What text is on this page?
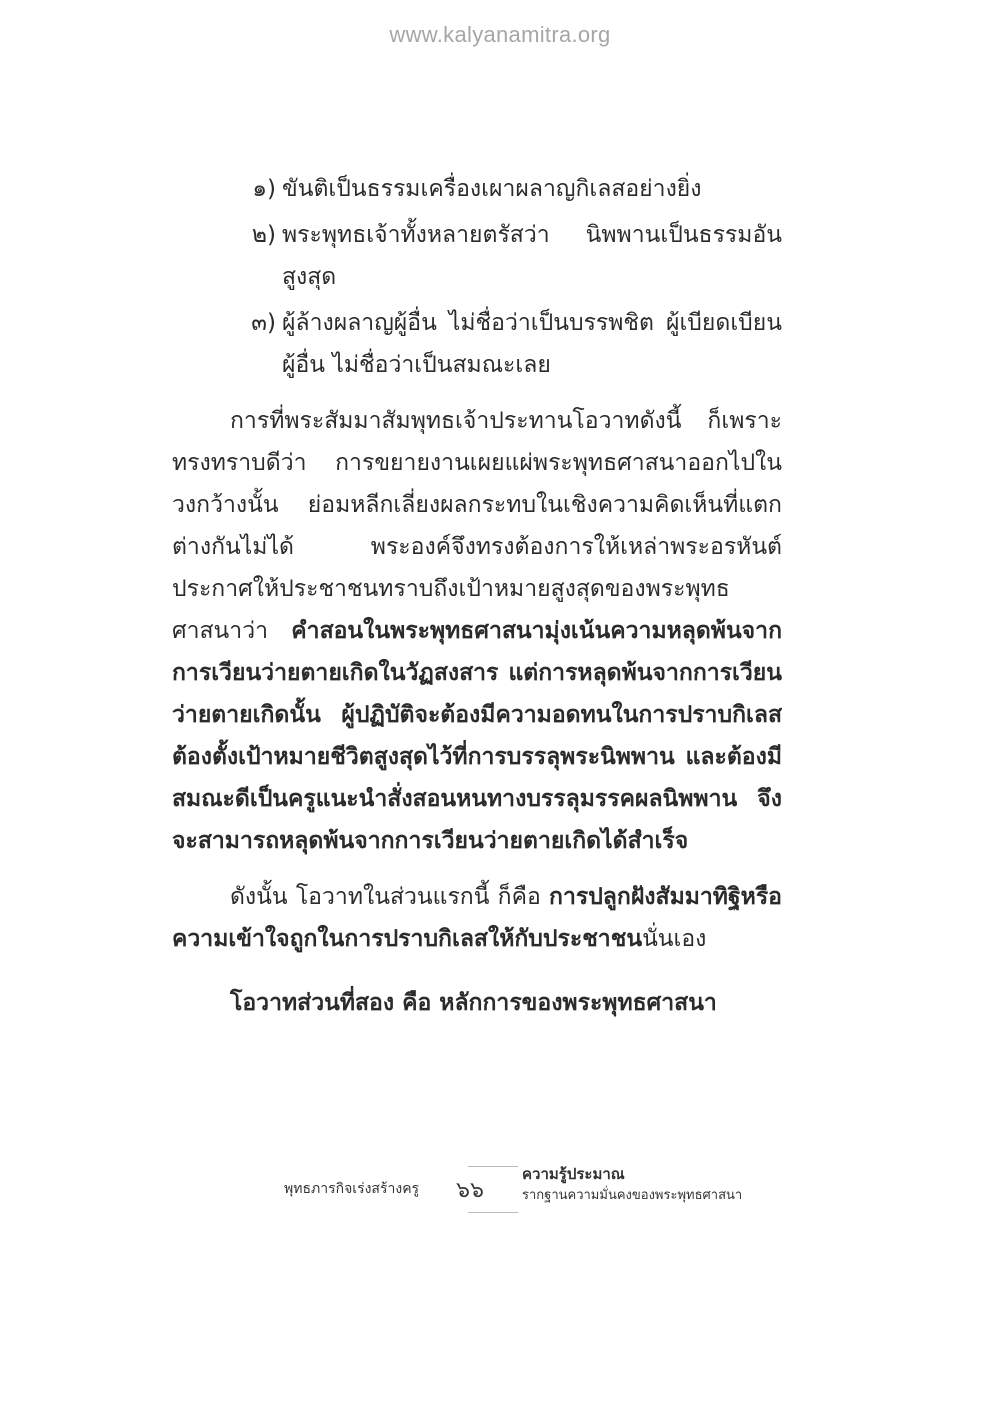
www.kalyanamitra.org
๑) ขันติเป็นธรรมเครื่องเผาผลาญกิเลสอย่างยิ่ง
๒) พระพุทธเจ้าทั้งหลายตรัสว่า นิพพานเป็นธรรมอันสูงสุด
๓) ผู้ล้างผลาญผู้อื่น ไม่ชื่อว่าเป็นบรรพชิต ผู้เบียดเบียนผู้อื่น ไม่ชื่อว่าเป็นสมณะเลย

การที่พระสัมมาสัมพุทธเจ้าประทานโอวาทดังนี้ ก็เพราะทรงทราบดีว่า การขยายงานเผยแผ่พระพุทธศาสนาออกไปในวงกว้างนั้น ย่อมหลีกเลี่ยงผลกระทบในเชิงความคิดเห็นที่แตกต่างกันไม่ได้ พระองค์จึงทรงต้องการให้เหล่าพระอรหันต์ประกาศให้ประชาชนทราบถึงเป้าหมายสูงสุดของพระพุทธศาสนาว่า คำสอนในพระพุทธศาสนามุ่งเน้นความหลุดพ้นจากการเวียนว่ายตายเกิดในวัฏสงสาร แต่การหลุดพ้นจากการเวียนว่ายตายเกิดนั้น ผู้ปฏิบัติจะต้องมีความอดทนในการปราบกิเลส ต้องตั้งเป้าหมายชีวิตสูงสุดไว้ที่การบรรลุพระนิพพาน และต้องมีสมณะดีเป็นครูแนะนำสั่งสอนหนทางบรรลุมรรคผลนิพพาน จึงจะสามารถหลุดพ้นจากการเวียนว่ายตายเกิดได้สำเร็จ

ดังนั้น โอวาทในส่วนแรกนี้ ก็คือ การปลูกฝังสัมมาทิฐิหรือความเข้าใจถูกในการปราบกิเลสให้กับประชาชนนั่นเอง

โอวาทส่วนที่สอง คือ หลักการของพระพุทธศาสนา

พุทธภารกิจเร่งสร้างครู ๖๖
ความรู้ประมาณ
รากฐานความมั่นคงของพระพุทธศาสนา
